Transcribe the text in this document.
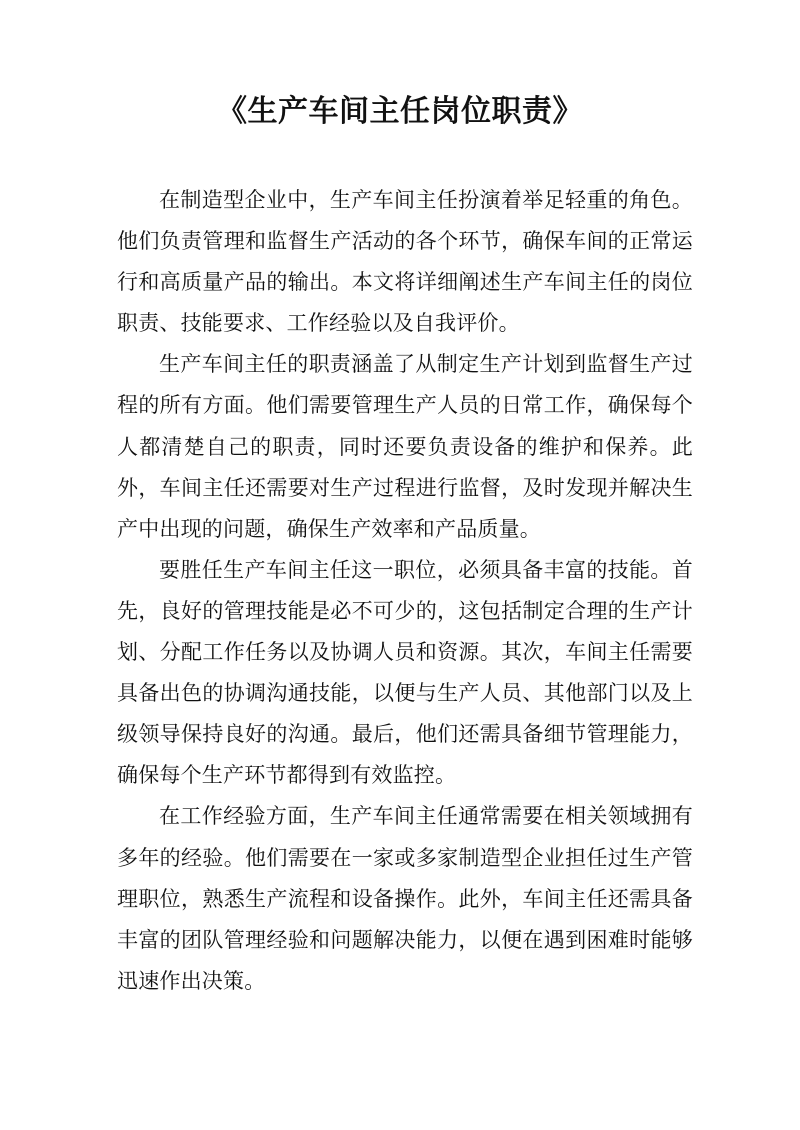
《生产车间主任岗位职责》

在制造型企业中，生产车间主任扮演着举足轻重的角色。他们负责管理和监督生产活动的各个环节，确保车间的正常运行和高质量产品的输出。本文将详细阐述生产车间主任的岗位职责、技能要求、工作经验以及自我评价。

生产车间主任的职责涵盖了从制定生产计划到监督生产过程的所有方面。他们需要管理生产人员的日常工作，确保每个人都清楚自己的职责，同时还要负责设备的维护和保养。此外，车间主任还需要对生产过程进行监督，及时发现并解决生产中出现的问题，确保生产效率和产品质量。

要胜任生产车间主任这一职位，必须具备丰富的技能。首先，良好的管理技能是必不可少的，这包括制定合理的生产计划、分配工作任务以及协调人员和资源。其次，车间主任需要具备出色的协调沟通技能，以便与生产人员、其他部门以及上级领导保持良好的沟通。最后，他们还需具备细节管理能力，确保每个生产环节都得到有效监控。

在工作经验方面，生产车间主任通常需要在相关领域拥有多年的经验。他们需要在一家或多家制造型企业担任过生产管理职位，熟悉生产流程和设备操作。此外，车间主任还需具备丰富的团队管理经验和问题解决能力，以便在遇到困难时能够迅速作出决策。
